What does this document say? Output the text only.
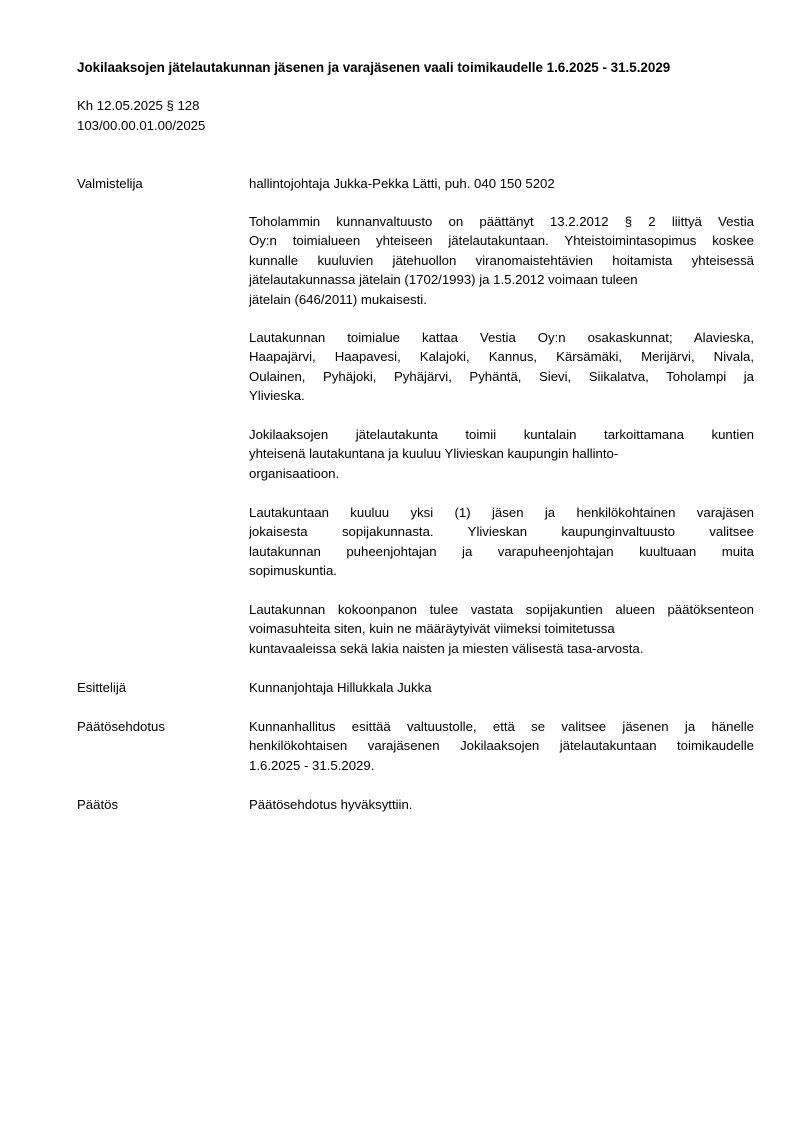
Jokilaaksojen jätelautakunnan jäsenen ja varajäsenen vaali toimikaudelle 1.6.2025 - 31.5.2029
Kh 12.05.2025 § 128
103/00.00.01.00/2025
Valmistelija	hallintojohtaja Jukka-Pekka Lätti, puh. 040 150 5202
Toholammin kunnanvaltuusto on päättänyt 13.2.2012 § 2 liittyä Vestia
Oy:n toimialueen yhteiseen jätelautakuntaan. Yhteistoimintasopimus koskee
kunnalle kuuluvien jätehuollon viranomaistehtävien hoitamista yhteisessä
jätelautakunnassa jätelain (1702/1993) ja 1.5.2012 voimaan tuleen
jätelain (646/2011) mukaisesti.
Lautakunnan toimialue kattaa Vestia Oy:n osakaskunnat; Alavieska,
Haapajärvi, Haapavesi, Kalajoki, Kannus, Kärsämäki, Merijärvi, Nivala,
Oulainen, Pyhäjoki, Pyhäjärvi, Pyhäntä, Sievi, Siikalatva, Toholampi ja
Ylivieska.
Jokilaaksojen jätelautakunta toimii kuntalain tarkoittamana kuntien
yhteisenä lautakuntana ja kuuluu Ylivieskan kaupungin hallinto-
organisaatioon.
Lautakuntaan kuuluu yksi (1) jäsen ja henkilökohtainen varajäsen
jokaisesta sopijakunnasta. Ylivieskan kaupunginvaltuusto valitsee
lautakunnan puheenjohtajan ja varapuheenjohtajan kuultuaan muita
sopimuskuntia.
Lautakunnan kokoonpanon tulee vastata sopijakuntien alueen päätöksenteon
voimasuhteita siten, kuin ne määräytyivät viimeksi toimitetussa
kuntavaaleissa sekä lakia naisten ja miesten välisestä tasa-arvosta.
Esittelijä	Kunnanjohtaja Hillukkala Jukka
Päätösehdotus	Kunnanhallitus esittää valtuustolle, että se valitsee jäsenen ja hänelle
henkilökohtaisen varajäsenen Jokilaaksojen jätelautakuntaan toimikaudelle
1.6.2025 - 31.5.2029.
Päätös	Päätösehdotus hyväksyttiin.
